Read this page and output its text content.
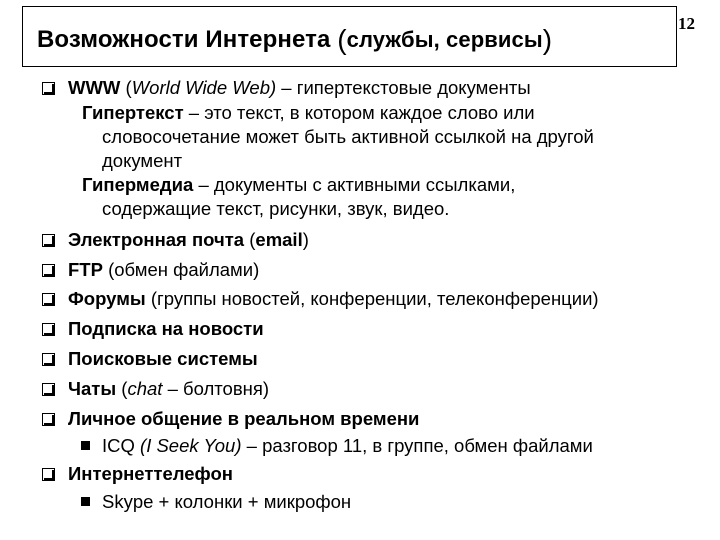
Возможности Интернета (службы, сервисы)
12
WWW (World Wide Web) – гипертекстовые документы
Гипертекст – это текст, в котором каждое слово или
словосочетание может быть активной ссылкой на другой
документ
Гипермедиа – документы с активными ссылками,
содержащие текст, рисунки, звук, видео.
Электронная почта (email)
FTP (обмен файлами)
Форумы (группы новостей, конференции, телеконференции)
Подписка на новости
Поисковые системы
Чаты (chat – болтовня)
Личное общение в реальном времени
ICQ (I Seek You) – разговор 11, в группе, обмен файлами
Интернеттелефон
Skype + колонки + микрофон
